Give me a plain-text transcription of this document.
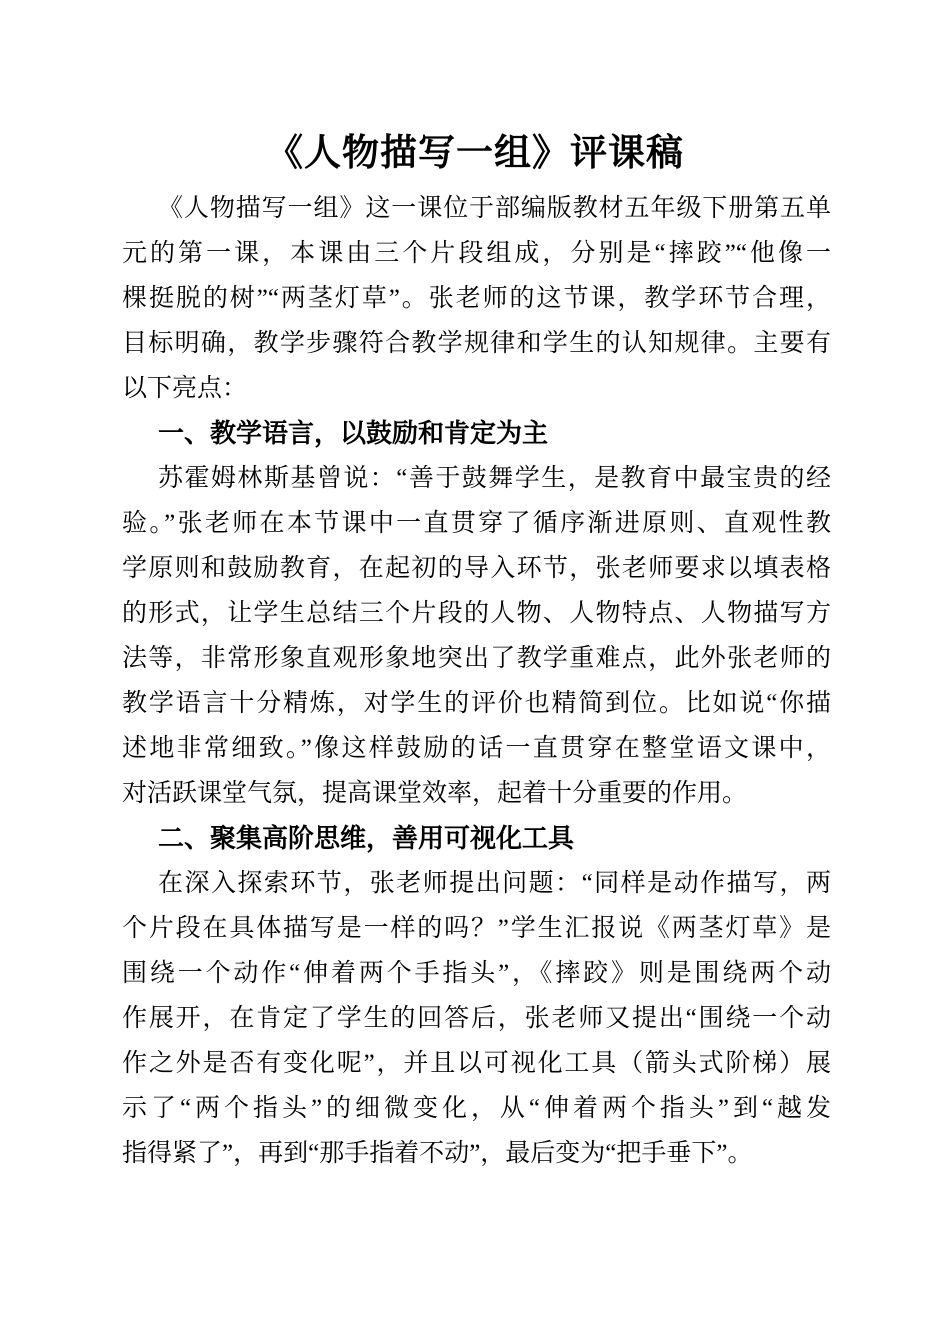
《人物描写一组》评课稿
《人物描写一组》这一课位于部编版教材五年级下册第五单
元的第一课，本课由三个片段组成，分别是“摔跤”“他像一
棵挺脱的树”“两茎灯草”。张老师的这节课，教学环节合理，
目标明确，教学步骤符合教学规律和学生的认知规律。主要有
以下亮点：
一、教学语言，以鼓励和肯定为主
苏霍姆林斯基曾说：“善于鼓舞学生，是教育中最宝贵的经
验。”张老师在本节课中一直贯穿了循序渐进原则、直观性教
学原则和鼓励教育，在起初的导入环节，张老师要求以填表格
的形式，让学生总结三个片段的人物、人物特点、人物描写方
法等，非常形象直观形象地突出了教学重难点，此外张老师的
教学语言十分精炼，对学生的评价也精简到位。比如说“你描
述地非常细致。”像这样鼓励的话一直贯穿在整堂语文课中，
对活跃课堂气氛，提高课堂效率，起着十分重要的作用。
二、聚集高阶思维，善用可视化工具
在深入探索环节，张老师提出问题：“同样是动作描写，两
个片段在具体描写是一样的吗？”学生汇报说《两茎灯草》是
围绕一个动作“伸着两个手指头”，《摔跤》则是围绕两个动
作展开，在肯定了学生的回答后，张老师又提出“围绕一个动
作之外是否有变化呢”，并且以可视化工具（箭头式阶梯）展
示了“两个指头”的细微变化，从“伸着两个指头”到“越发
指得紧了”，再到“那手指着不动”，最后变为“把手垂下”。
